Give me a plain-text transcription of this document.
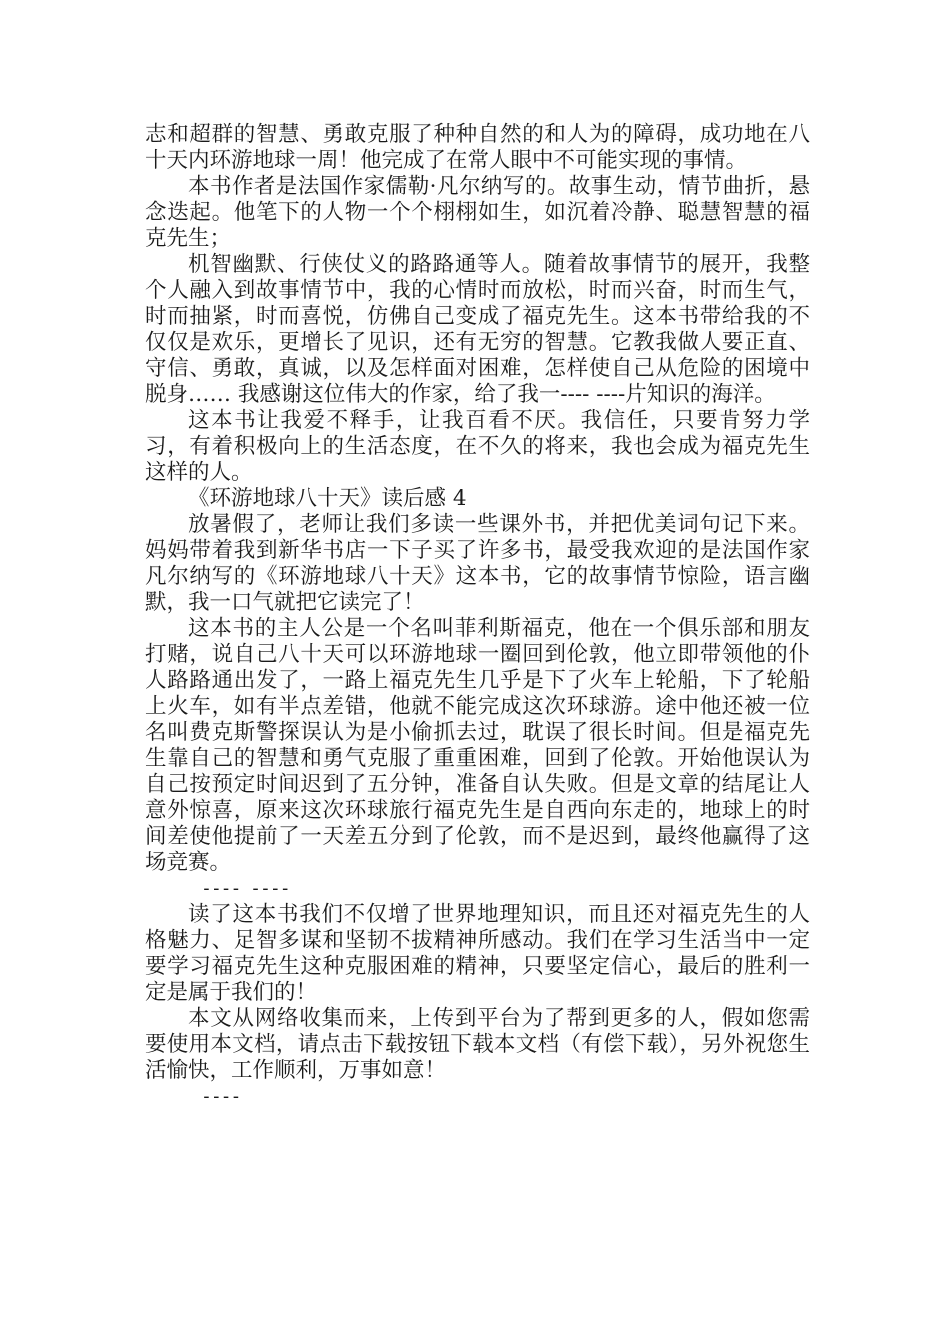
志和超群的智慧、勇敢克服了种种自然的和人为的障碍，成功地在八十天内环游地球一周！他完成了在常人眼中不可能实现的事情。

本书作者是法国作家儒勒·凡尔纳写的。故事生动，情节曲折，悬念迭起。他笔下的人物一个个栩栩如生，如沉着冷静、聪慧智慧的福克先生；

机智幽默、行侠仗义的路路通等人。随着故事情节的展开，我整个人融入到故事情节中，我的心情时而放松，时而兴奋，时而生气，时而抽紧，时而喜悦，仿佛自己变成了福克先生。这本书带给我的不仅仅是欢乐，更增长了见识，还有无穷的智慧。它教我做人要正直、守信、勇敢，真诚，以及怎样面对困难，怎样使自己从危险的困境中脱身…… 我感谢这位伟大的作家，给了我一---- ----片知识的海洋。

这本书让我爱不释手，让我百看不厌。我信任，只要肯努力学习，有着积极向上的生活态度，在不久的将来，我也会成为福克先生这样的人。

《环游地球八十天》读后感 4

放暑假了，老师让我们多读一些课外书，并把优美词句记下来。妈妈带着我到新华书店一下子买了许多书，最受我欢迎的是法国作家凡尔纳写的《环游地球八十天》这本书，它的故事情节惊险，语言幽默，我一口气就把它读完了！

这本书的主人公是一个名叫菲利斯福克，他在一个俱乐部和朋友打赌，说自己八十天可以环游地球一圈回到伦敦，他立即带领他的仆人路路通出发了，一路上福克先生几乎是下了火车上轮船，下了轮船上火车，如有半点差错，他就不能完成这次环球游。途中他还被一位名叫费克斯警探误认为是小偷抓去过，耽误了很长时间。但是福克先生靠自己的智慧和勇气克服了重重困难，回到了伦敦。开始他误认为自己按预定时间迟到了五分钟，准备自认失败。但是文章的结尾让人意外惊喜，原来这次环球旅行福克先生是自西向东走的，地球上的时间差使他提前了一天差五分到了伦敦，而不是迟到，最终他赢得了这场竞赛。

---- ----

读了这本书我们不仅增了世界地理知识，而且还对福克先生的人格魅力、足智多谋和坚韧不拔精神所感动。我们在学习生活当中一定要学习福克先生这种克服困难的精神，只要坚定信心，最后的胜利一定是属于我们的！

本文从网络收集而来，上传到平台为了帮到更多的人，假如您需要使用本文档，请点击下载按钮下载本文档（有偿下载），另外祝您生活愉快，工作顺利，万事如意！

----
